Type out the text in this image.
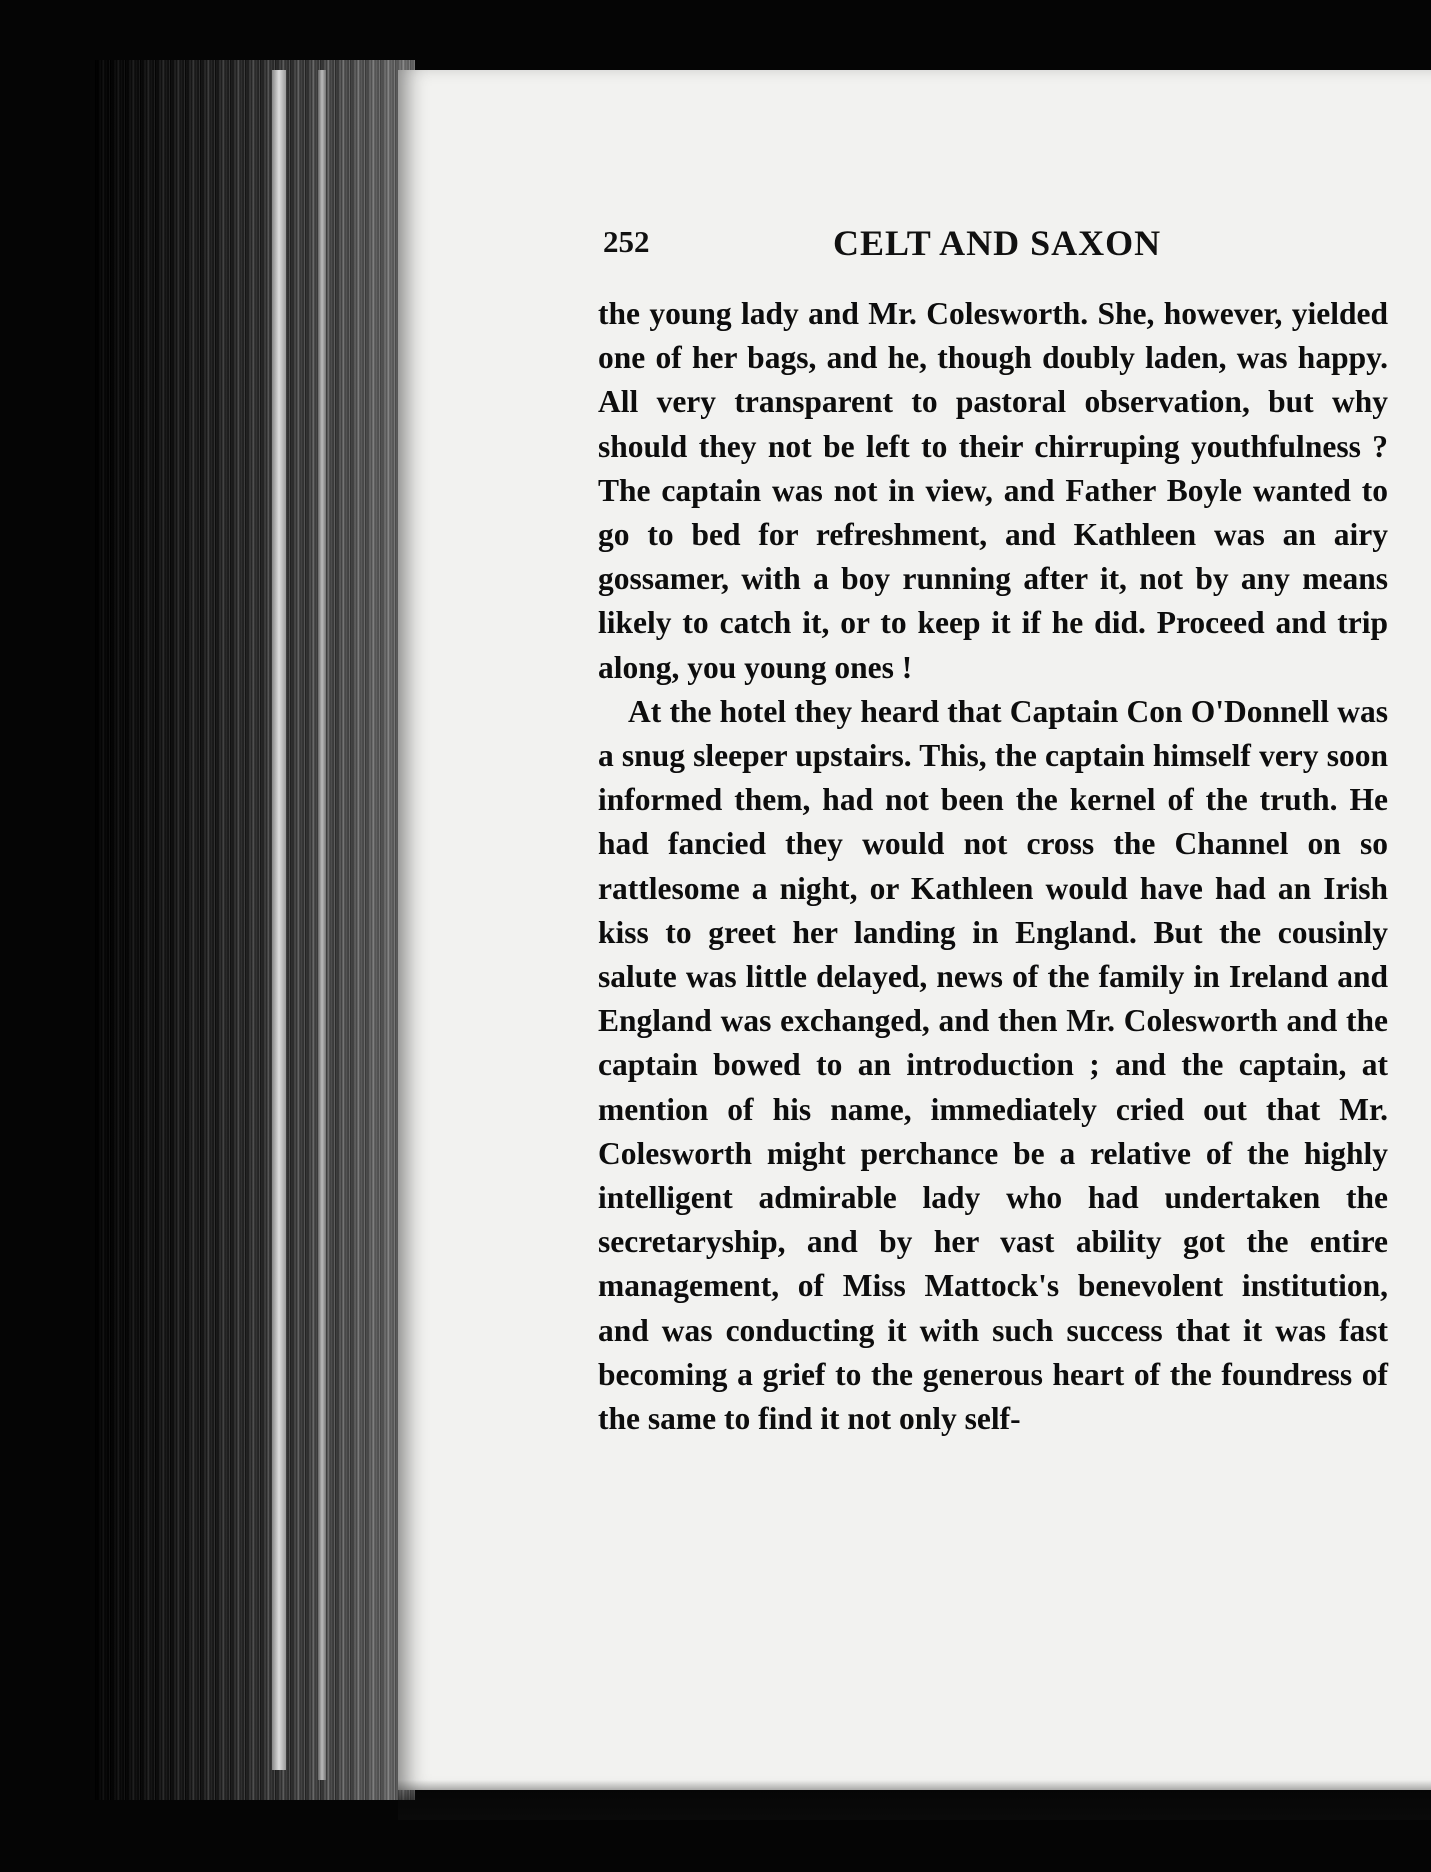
252	CELT AND SAXON

the young lady and Mr. Colesworth. She, however, yielded one of her bags, and he, though doubly laden, was happy. All very transparent to pastoral observation, but why should they not be left to their chirruping youthfulness ? The captain was not in view, and Father Boyle wanted to go to bed for refreshment, and Kathleen was an airy gossamer, with a boy running after it, not by any means likely to catch it, or to keep it if he did. Proceed and trip along, you young ones !

At the hotel they heard that Captain Con O'Donnell was a snug sleeper upstairs. This, the captain himself very soon informed them, had not been the kernel of the truth. He had fancied they would not cross the Channel on so rattlesome a night, or Kathleen would have had an Irish kiss to greet her landing in England. But the cousinly salute was little delayed, news of the family in Ireland and England was exchanged, and then Mr. Colesworth and the captain bowed to an introduction ; and the captain, at mention of his name, immediately cried out that Mr. Colesworth might perchance be a relative of the highly intelligent admirable lady who had undertaken the secretaryship, and by her vast ability got the entire management, of Miss Mattock's benevolent institution, and was conducting it with such success that it was fast becoming a grief to the generous heart of the foundress of the same to find it not only self-
